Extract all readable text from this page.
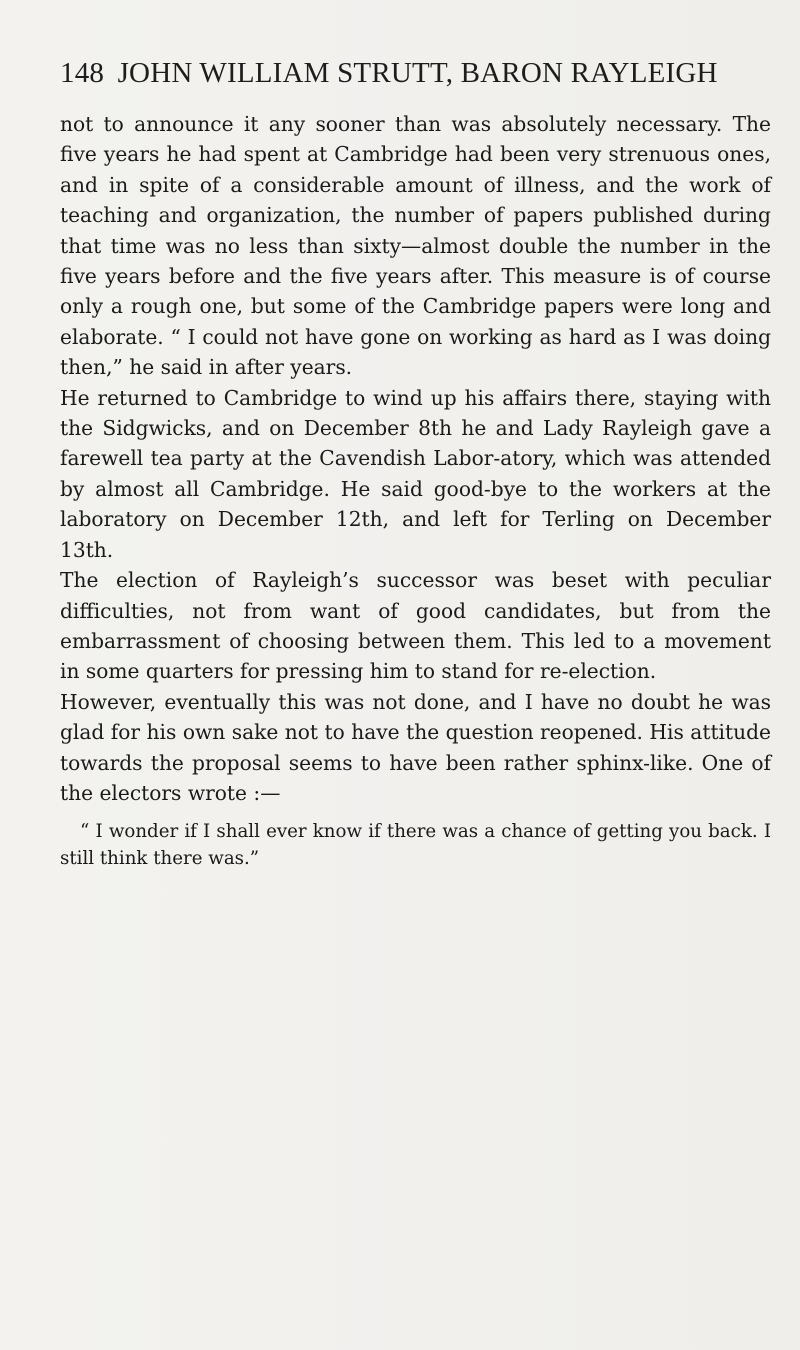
148 JOHN WILLIAM STRUTT, BARON RAYLEIGH

not to announce it any sooner than was absolutely necessary. The five years he had spent at Cambridge had been very strenuous ones, and in spite of a considerable amount of illness, and the work of teaching and organization, the number of papers published during that time was no less than sixty—almost double the number in the five years before and the five years after. This measure is of course only a rough one, but some of the Cambridge papers were long and elaborate. “ I could not have gone on working as hard as I was doing then,” he said in after years.

He returned to Cambridge to wind up his affairs there, staying with the Sidgwicks, and on December 8th he and Lady Rayleigh gave a farewell tea party at the Cavendish Labor-atory, which was attended by almost all Cambridge. He said good-bye to the workers at the laboratory on December 12th, and left for Terling on December 13th.

The election of Rayleigh’s successor was beset with peculiar difficulties, not from want of good candidates, but from the embarrassment of choosing between them. This led to a movement in some quarters for pressing him to stand for re-election.

However, eventually this was not done, and I have no doubt he was glad for his own sake not to have the question reopened. His attitude towards the proposal seems to have been rather sphinx-like. One of the electors wrote :—

“ I wonder if I shall ever know if there was a chance of getting you back. I still think there was.”
